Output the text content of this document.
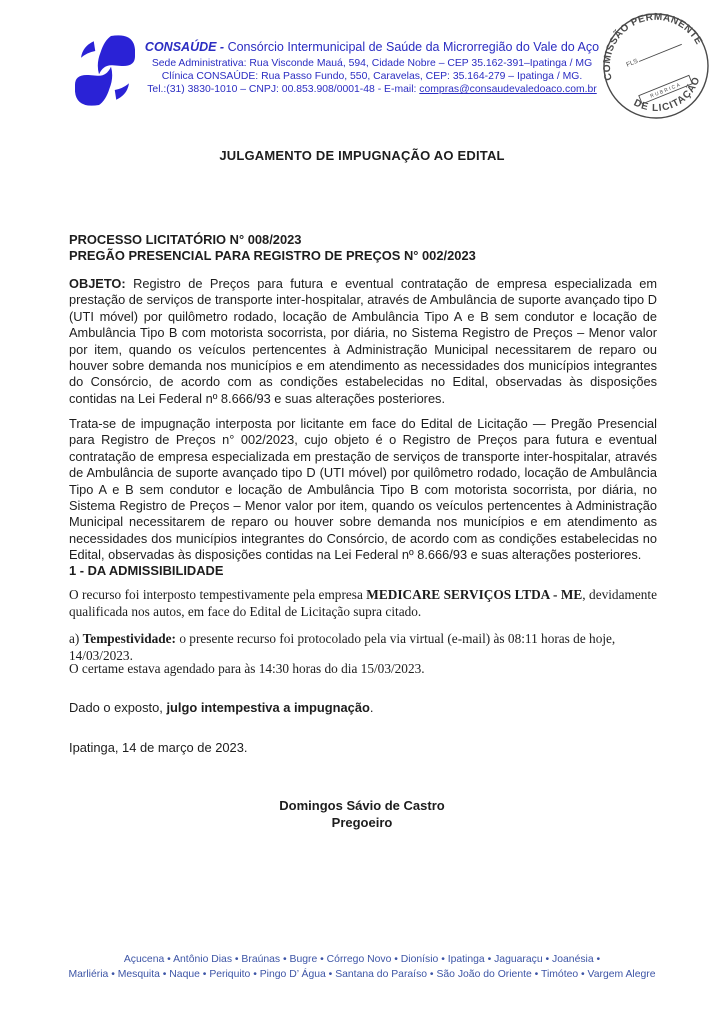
CONSAÚDE - Consórcio Intermunicipal de Saúde da Microrregião do Vale do Aço
Sede Administrativa: Rua Visconde Mauá, 594, Cidade Nobre – CEP 35.162-391–Ipatinga / MG
Clínica CONSAÚDE: Rua Passo Fundo, 550, Caravelas, CEP: 35.164-279 – Ipatinga / MG.
Tel.:(31) 3830-1010 – CNPJ: 00.853.908/0001-48 - E-mail: compras@consaudevaledoaco.com.br
COMISSÃO PERMANENTE
DE LICITAÇÃO
FLS
RUBRICA
JULGAMENTO DE IMPUGNAÇÃO AO EDITAL
PROCESSO LICITATÓRIO N° 008/2023
PREGÃO PRESENCIAL PARA REGISTRO DE PREÇOS N° 002/2023
OBJETO: Registro de Preços para futura e eventual contratação de empresa especializada em prestação de serviços de transporte inter-hospitalar, através de Ambulância de suporte avançado tipo D (UTI móvel) por quilômetro rodado, locação de Ambulância Tipo A e B sem condutor e locação de Ambulância Tipo B com motorista socorrista, por diária, no Sistema Registro de Preços – Menor valor por item, quando os veículos pertencentes à Administração Municipal necessitarem de reparo ou houver sobre demanda nos municípios e em atendimento as necessidades dos municípios integrantes do Consórcio, de acordo com as condições estabelecidas no Edital, observadas às disposições contidas na Lei Federal nº 8.666/93 e suas alterações posteriores.
Trata-se de impugnação interposta por licitante em face do Edital de Licitação — Pregão Presencial para Registro de Preços n° 002/2023, cujo objeto é o Registro de Preços para futura e eventual contratação de empresa especializada em prestação de serviços de transporte inter-hospitalar, através de Ambulância de suporte avançado tipo D (UTI móvel) por quilômetro rodado, locação de Ambulância Tipo A e B sem condutor e locação de Ambulância Tipo B com motorista socorrista, por diária, no Sistema Registro de Preços – Menor valor por item, quando os veículos pertencentes à Administração Municipal necessitarem de reparo ou houver sobre demanda nos municípios e em atendimento as necessidades dos municípios integrantes do Consórcio, de acordo com as condições estabelecidas no Edital, observadas às disposições contidas na Lei Federal nº 8.666/93 e suas alterações posteriores.
1 - DA ADMISSIBILIDADE
O recurso foi interposto tempestivamente pela empresa MEDICARE SERVIÇOS LTDA - ME, devidamente qualificada nos autos, em face do Edital de Licitação supra citado.
a) Tempestividade: o presente recurso foi protocolado pela via virtual (e-mail) às 08:11 horas de hoje, 14/03/2023.
O certame estava agendado para às 14:30 horas do dia 15/03/2023.
Dado o exposto, julgo intempestiva a impugnação.
Ipatinga, 14 de março de 2023.
Domingos Sávio de Castro
Pregoeiro
Açucena • Antônio Dias • Braúnas • Bugre • Córrego Novo • Dionísio • Ipatinga • Jaguaraçu • Joanésia •
Marliéria • Mesquita • Naque • Periquito • Pingo D’ Água • Santana do Paraíso • São João do Oriente • Timóteo • Vargem Alegre
